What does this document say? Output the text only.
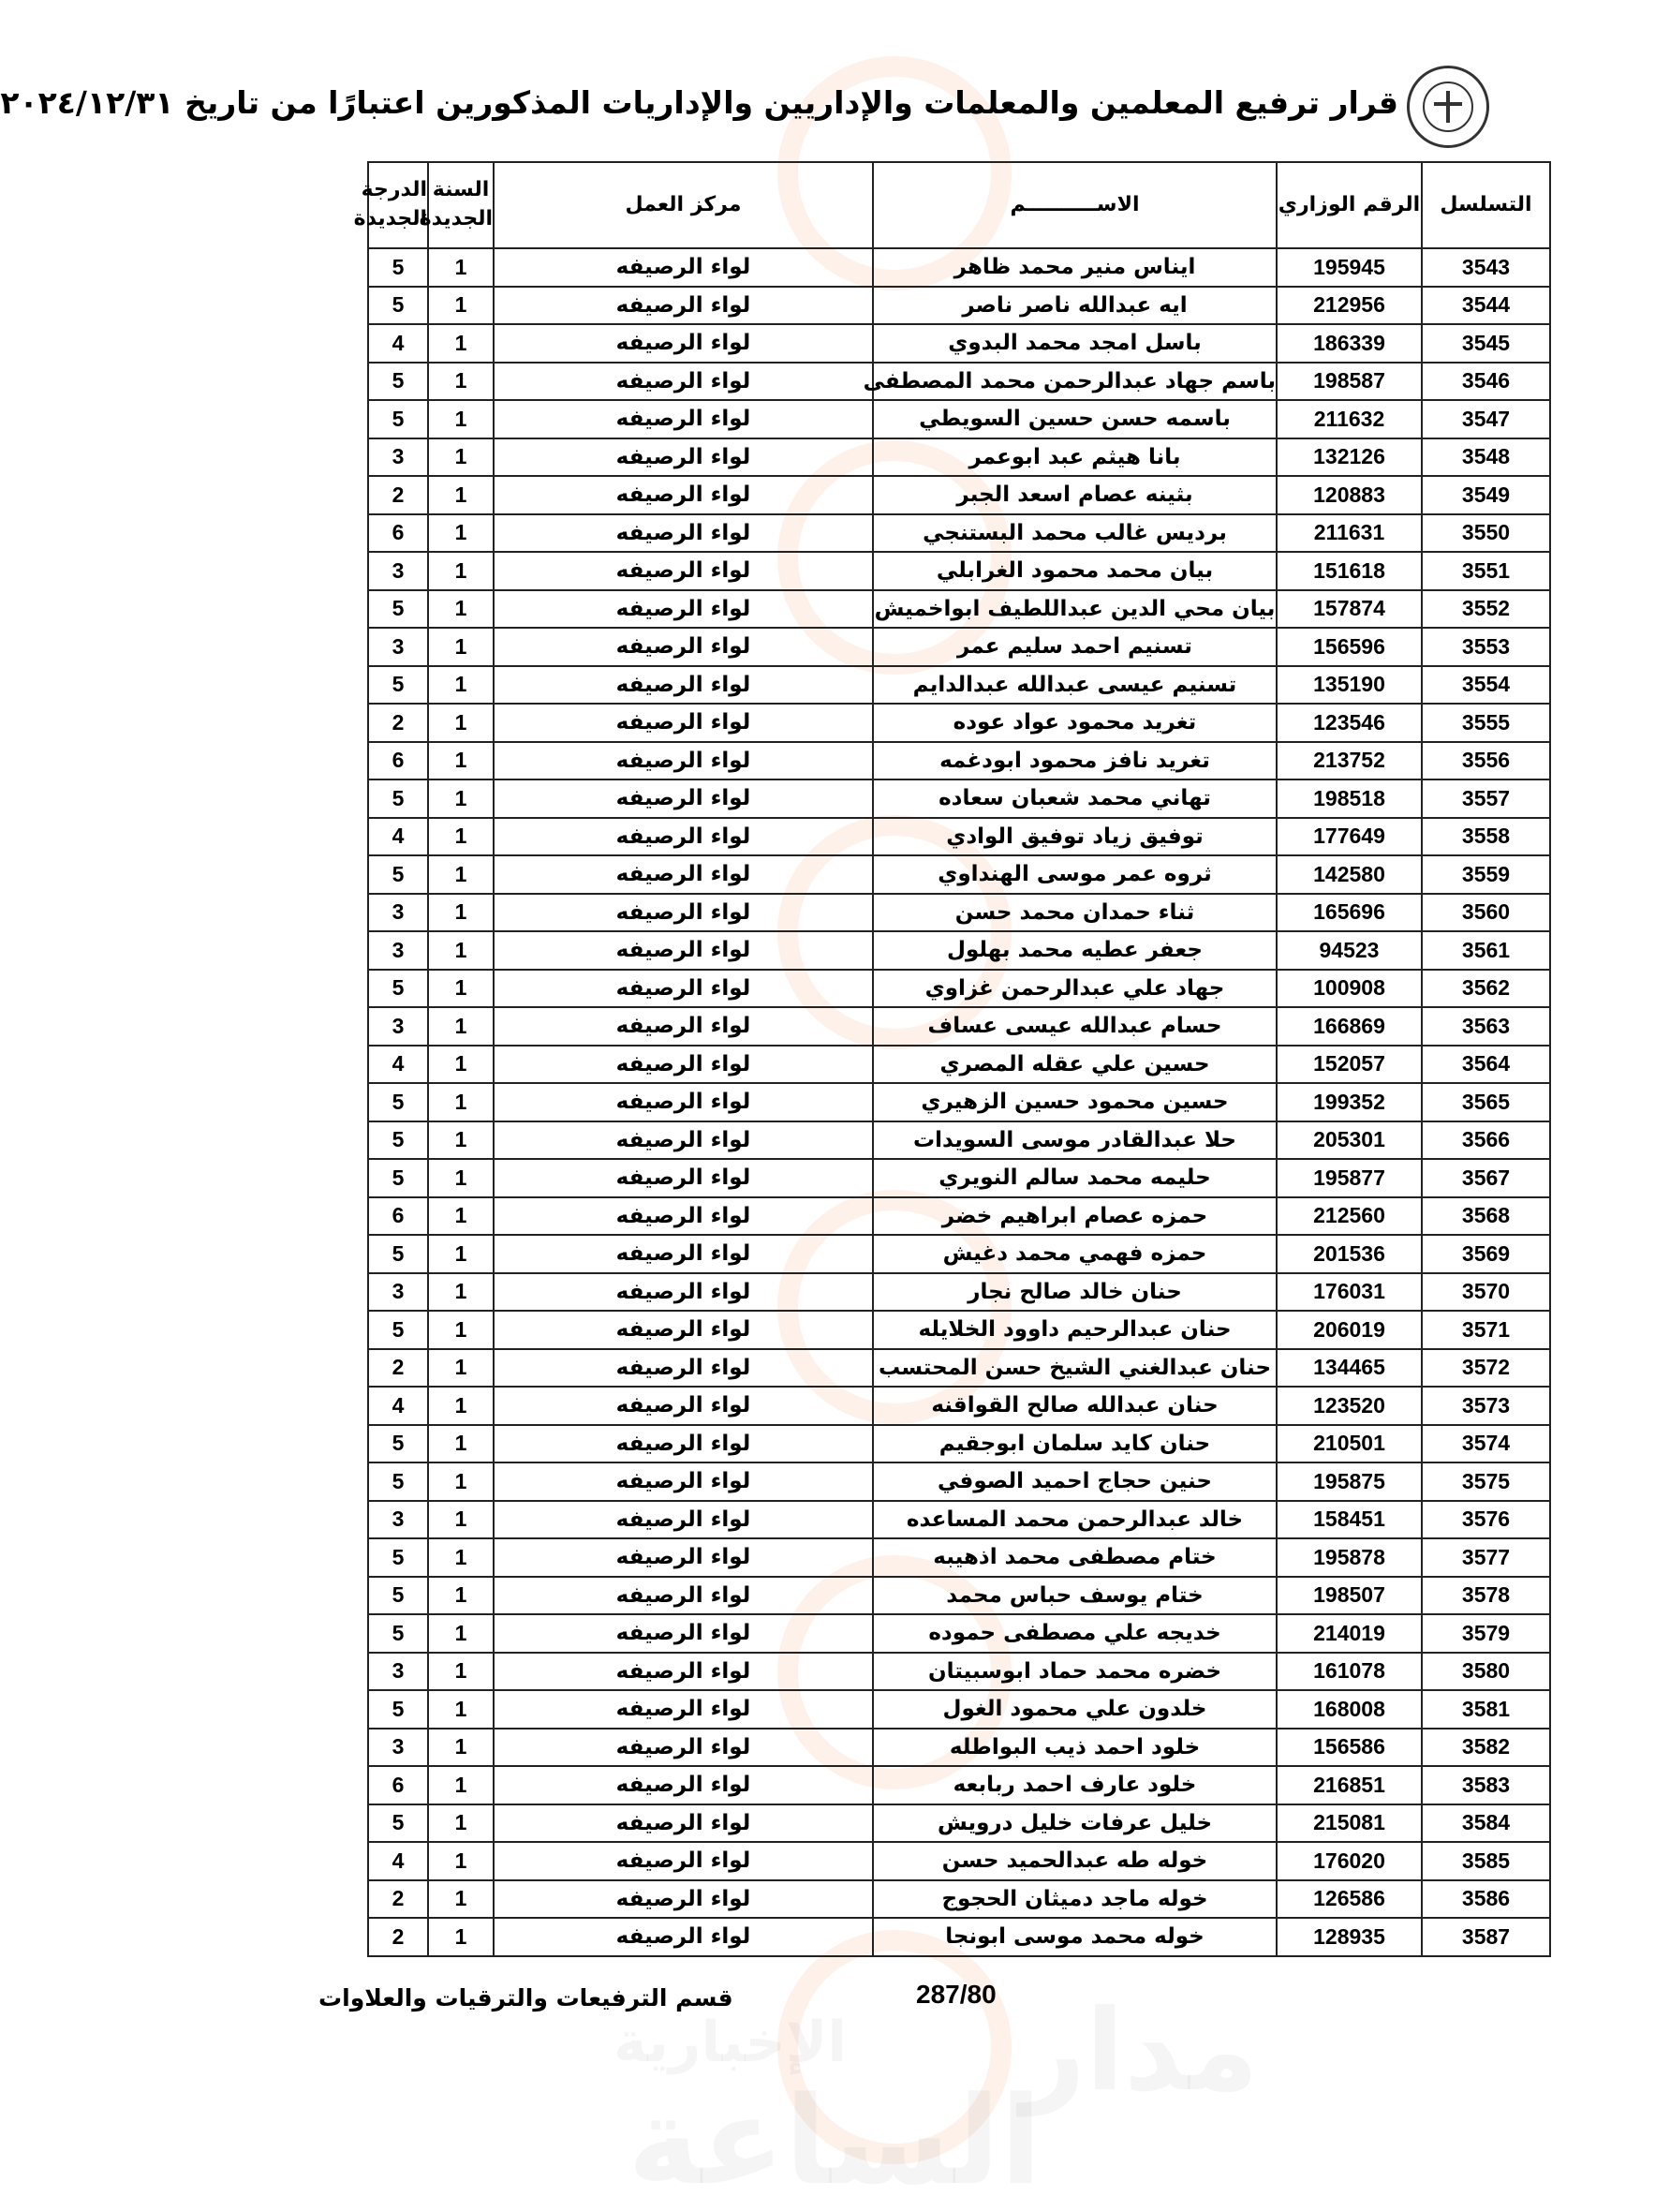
مدار
الإخبارية
الساعة
قرار ترفيع المعلمين والمعلمات والإداريين والإداريات المذكورين اعتبارًا من تاريخ ٢٠٢٤/١٢/٣١
التسلسل	الرقم الوزاري	الاســــــــــم	مركز العمل	السنة الجديدة	الدرجة الجديدة
3543	195945	ايناس منير محمد ظاهر	لواء الرصيفه	1	5
3544	212956	ايه عبدالله ناصر ناصر	لواء الرصيفه	1	5
3545	186339	باسل امجد محمد البدوي	لواء الرصيفه	1	4
3546	198587	باسم جهاد عبدالرحمن محمد المصطفى	لواء الرصيفه	1	5
3547	211632	باسمه حسن حسين السويطي	لواء الرصيفه	1	5
3548	132126	بانا هيثم عبد ابوعمر	لواء الرصيفه	1	3
3549	120883	بثينه عصام اسعد الجبر	لواء الرصيفه	1	2
3550	211631	برديس غالب محمد البستنجي	لواء الرصيفه	1	6
3551	151618	بيان محمد محمود الغرابلي	لواء الرصيفه	1	3
3552	157874	بيان محي الدين عبداللطيف ابواخميش	لواء الرصيفه	1	5
3553	156596	تسنيم احمد سليم عمر	لواء الرصيفه	1	3
3554	135190	تسنيم عيسى عبدالله عبدالدايم	لواء الرصيفه	1	5
3555	123546	تغريد محمود عواد عوده	لواء الرصيفه	1	2
3556	213752	تغريد نافز محمود ابودغمه	لواء الرصيفه	1	6
3557	198518	تهاني محمد شعبان سعاده	لواء الرصيفه	1	5
3558	177649	توفيق زياد توفيق الوادي	لواء الرصيفه	1	4
3559	142580	ثروه عمر موسى الهنداوي	لواء الرصيفه	1	5
3560	165696	ثناء حمدان محمد حسن	لواء الرصيفه	1	3
3561	94523	جعفر عطيه محمد بهلول	لواء الرصيفه	1	3
3562	100908	جهاد علي عبدالرحمن غزاوي	لواء الرصيفه	1	5
3563	166869	حسام عبدالله عيسى عساف	لواء الرصيفه	1	3
3564	152057	حسين علي عقله المصري	لواء الرصيفه	1	4
3565	199352	حسين محمود حسين الزهيري	لواء الرصيفه	1	5
3566	205301	حلا عبدالقادر موسى السويدات	لواء الرصيفه	1	5
3567	195877	حليمه محمد سالم النويري	لواء الرصيفه	1	5
3568	212560	حمزه عصام ابراهيم خضر	لواء الرصيفه	1	6
3569	201536	حمزه فهمي محمد دغيش	لواء الرصيفه	1	5
3570	176031	حنان خالد صالح نجار	لواء الرصيفه	1	3
3571	206019	حنان عبدالرحيم داوود الخلايله	لواء الرصيفه	1	5
3572	134465	حنان عبدالغني الشيخ حسن المحتسب	لواء الرصيفه	1	2
3573	123520	حنان عبدالله صالح القواقنه	لواء الرصيفه	1	4
3574	210501	حنان كايد سلمان ابوجقيم	لواء الرصيفه	1	5
3575	195875	حنين حجاج احميد الصوفي	لواء الرصيفه	1	5
3576	158451	خالد عبدالرحمن محمد المساعده	لواء الرصيفه	1	3
3577	195878	ختام مصطفى محمد اذهيبه	لواء الرصيفه	1	5
3578	198507	ختام يوسف حباس محمد	لواء الرصيفه	1	5
3579	214019	خديجه علي مصطفى حموده	لواء الرصيفه	1	5
3580	161078	خضره محمد حماد ابوسبيتان	لواء الرصيفه	1	3
3581	168008	خلدون علي محمود الغول	لواء الرصيفه	1	5
3582	156586	خلود احمد ذيب البواطله	لواء الرصيفه	1	3
3583	216851	خلود عارف احمد ربابعه	لواء الرصيفه	1	6
3584	215081	خليل عرفات خليل درويش	لواء الرصيفه	1	5
3585	176020	خوله طه عبدالحميد حسن	لواء الرصيفه	1	4
3586	126586	خوله ماجد دميثان الحجوج	لواء الرصيفه	1	2
3587	128935	خوله محمد موسى ابونجا	لواء الرصيفه	1	2
287/80
قسم الترفيعات والترقيات والعلاوات
